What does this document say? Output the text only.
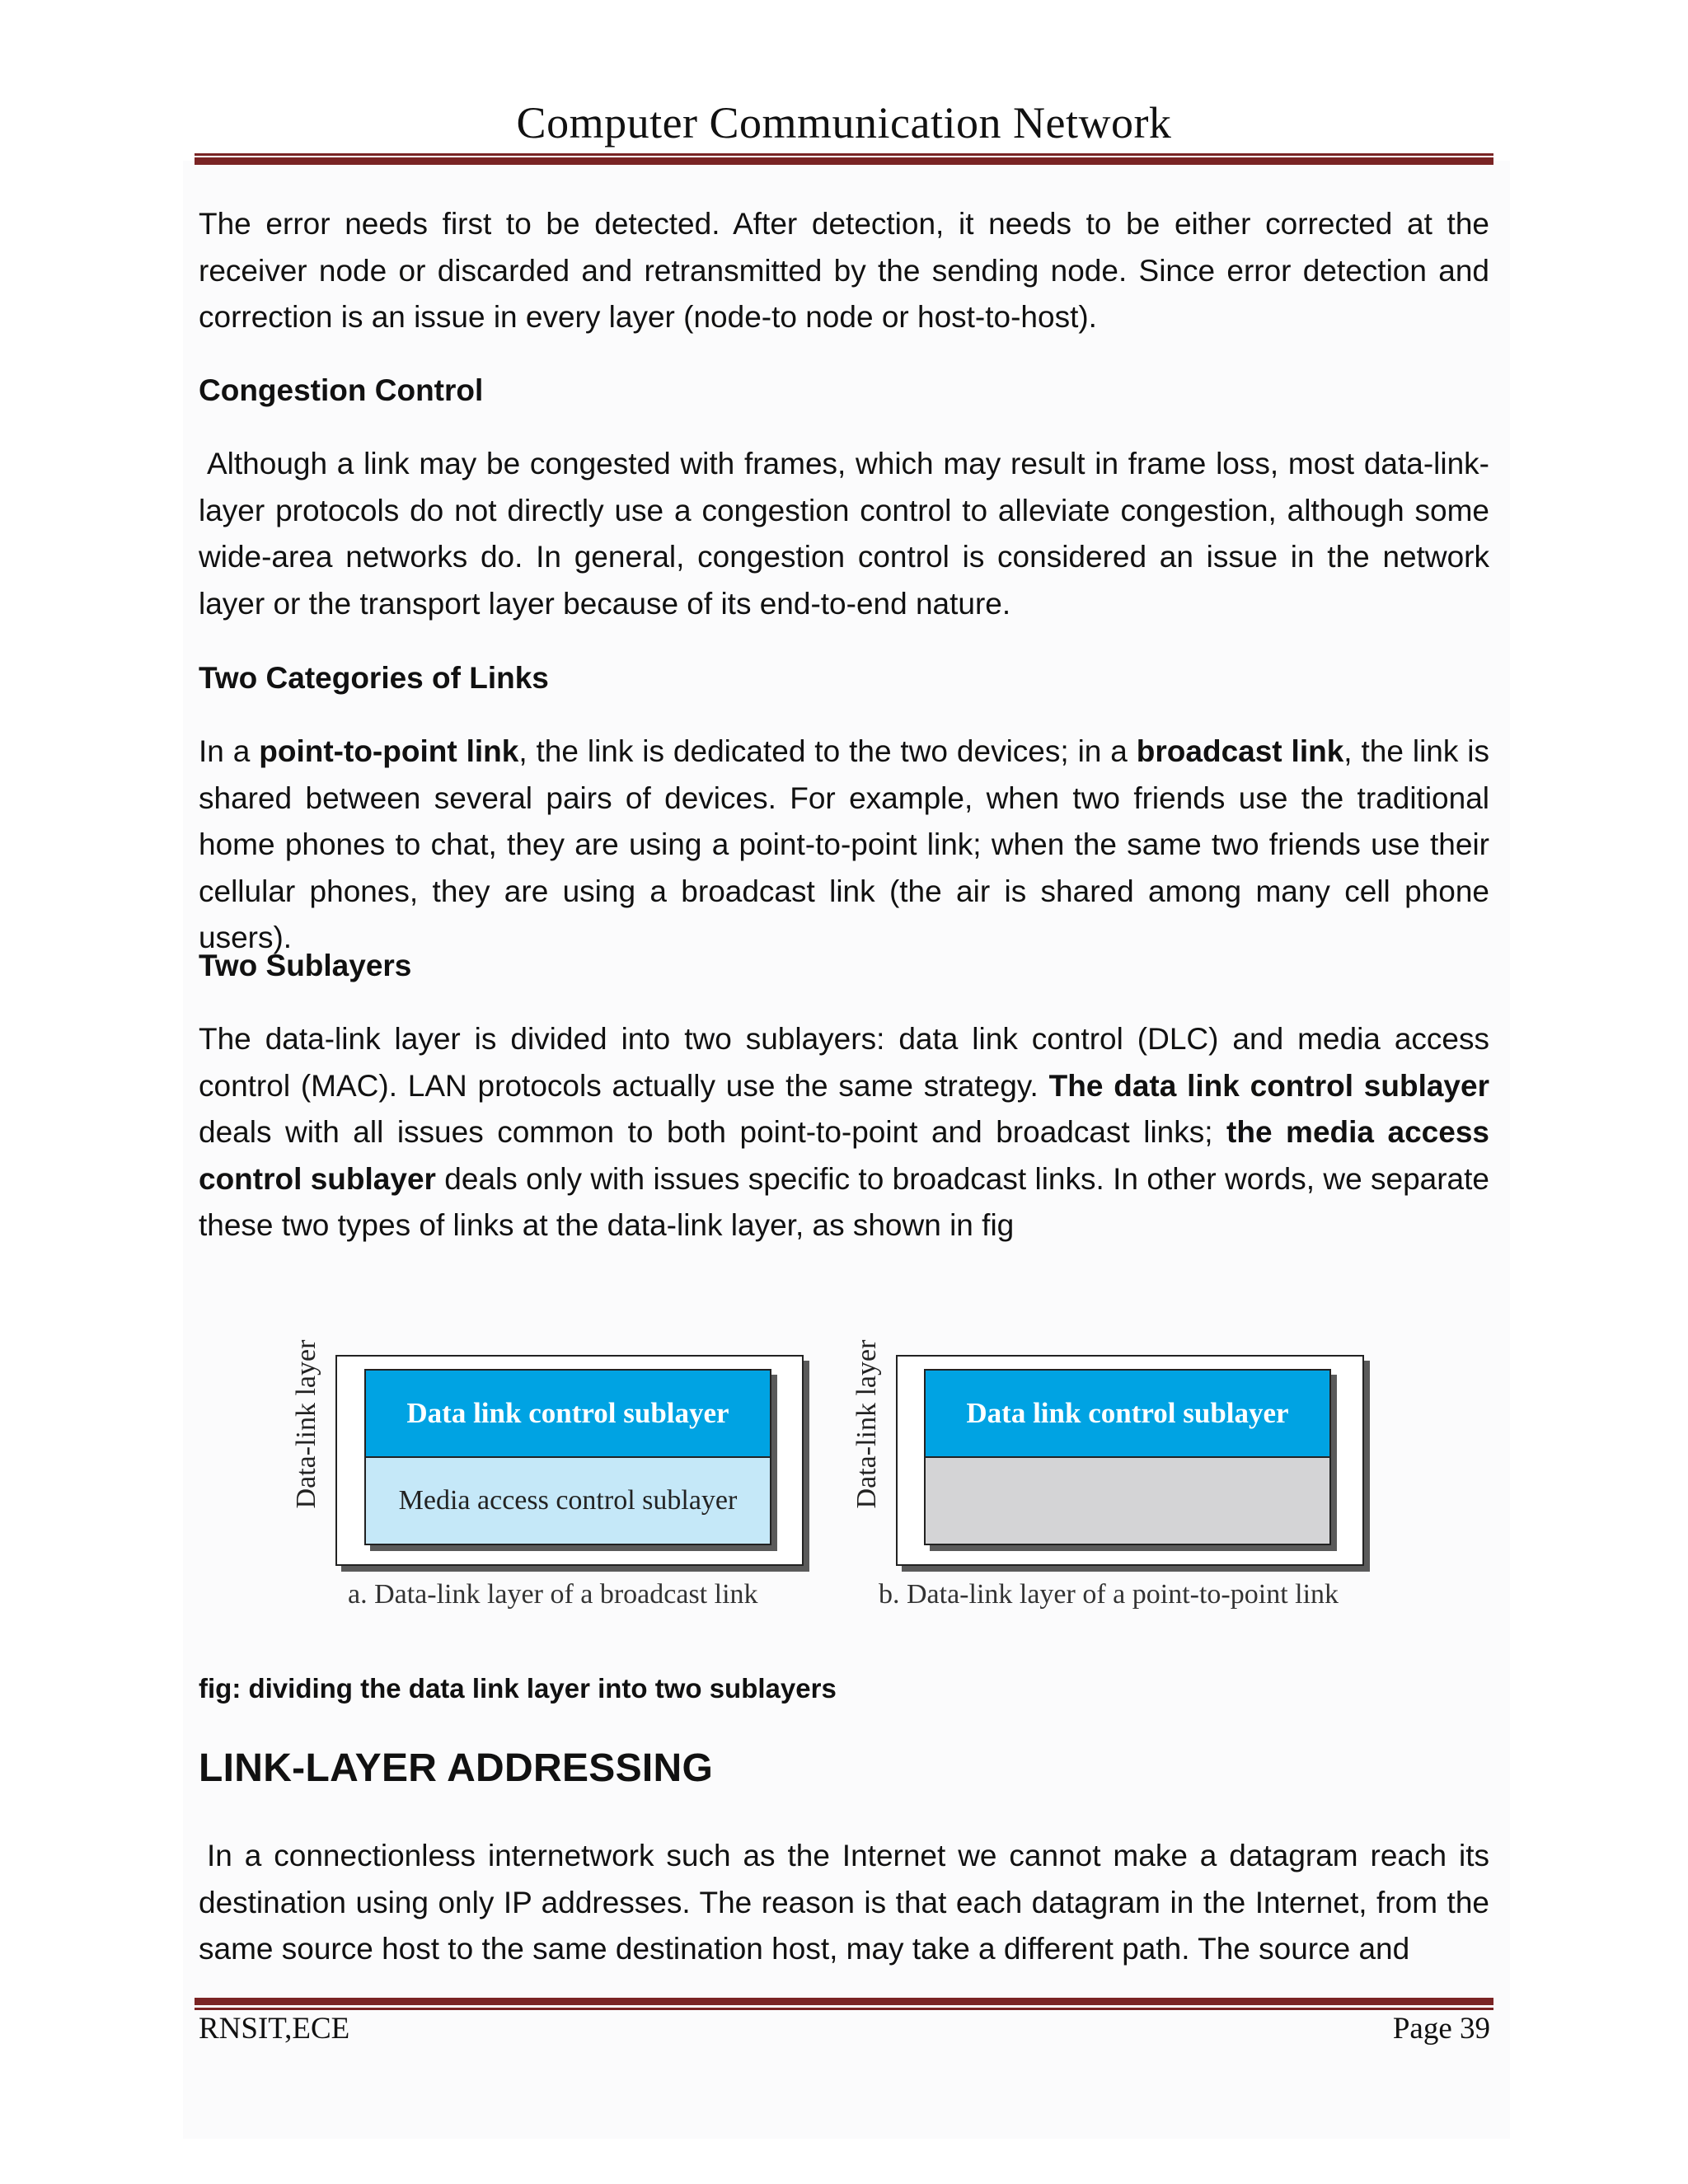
Computer Communication Network

The error needs first to be detected. After detection, it needs to be either corrected at the receiver node or discarded and retransmitted by the sending node. Since error detection and correction is an issue in every layer (node-to node or host-to-host).

Congestion Control

Although a link may be congested with frames, which may result in frame loss, most data-link-layer protocols do not directly use a congestion control to alleviate congestion, although some wide-area networks do. In general, congestion control is considered an issue in the network layer or the transport layer because of its end-to-end nature.

Two Categories of Links

In a point-to-point link, the link is dedicated to the two devices; in a broadcast link, the link is shared between several pairs of devices. For example, when two friends use the traditional home phones to chat, they are using a point-to-point link; when the same two friends use their cellular phones, they are using a broadcast link (the air is shared among many cell phone users).

Two Sublayers

The data-link layer is divided into two sublayers: data link control (DLC) and media access control (MAC). LAN protocols actually use the same strategy. The data link control sublayer deals with all issues common to both point-to-point and broadcast links; the media access control sublayer deals only with issues specific to broadcast links. In other words, we separate these two types of links at the data-link layer, as shown in fig

Data-link layer	Data link control sublayer
Media access control sublayer
a. Data-link layer of a broadcast link
Data-link layer	Data link control sublayer
b. Data-link layer of a point-to-point link
fig: dividing the data link layer into two sublayers
LINK-LAYER ADDRESSING

In a connectionless internetwork such as the Internet we cannot make a datagram reach its destination using only IP addresses. The reason is that each datagram in the Internet, from the same source host to the same destination host, may take a different path. The source and

RNSIT,ECE	Page 39
